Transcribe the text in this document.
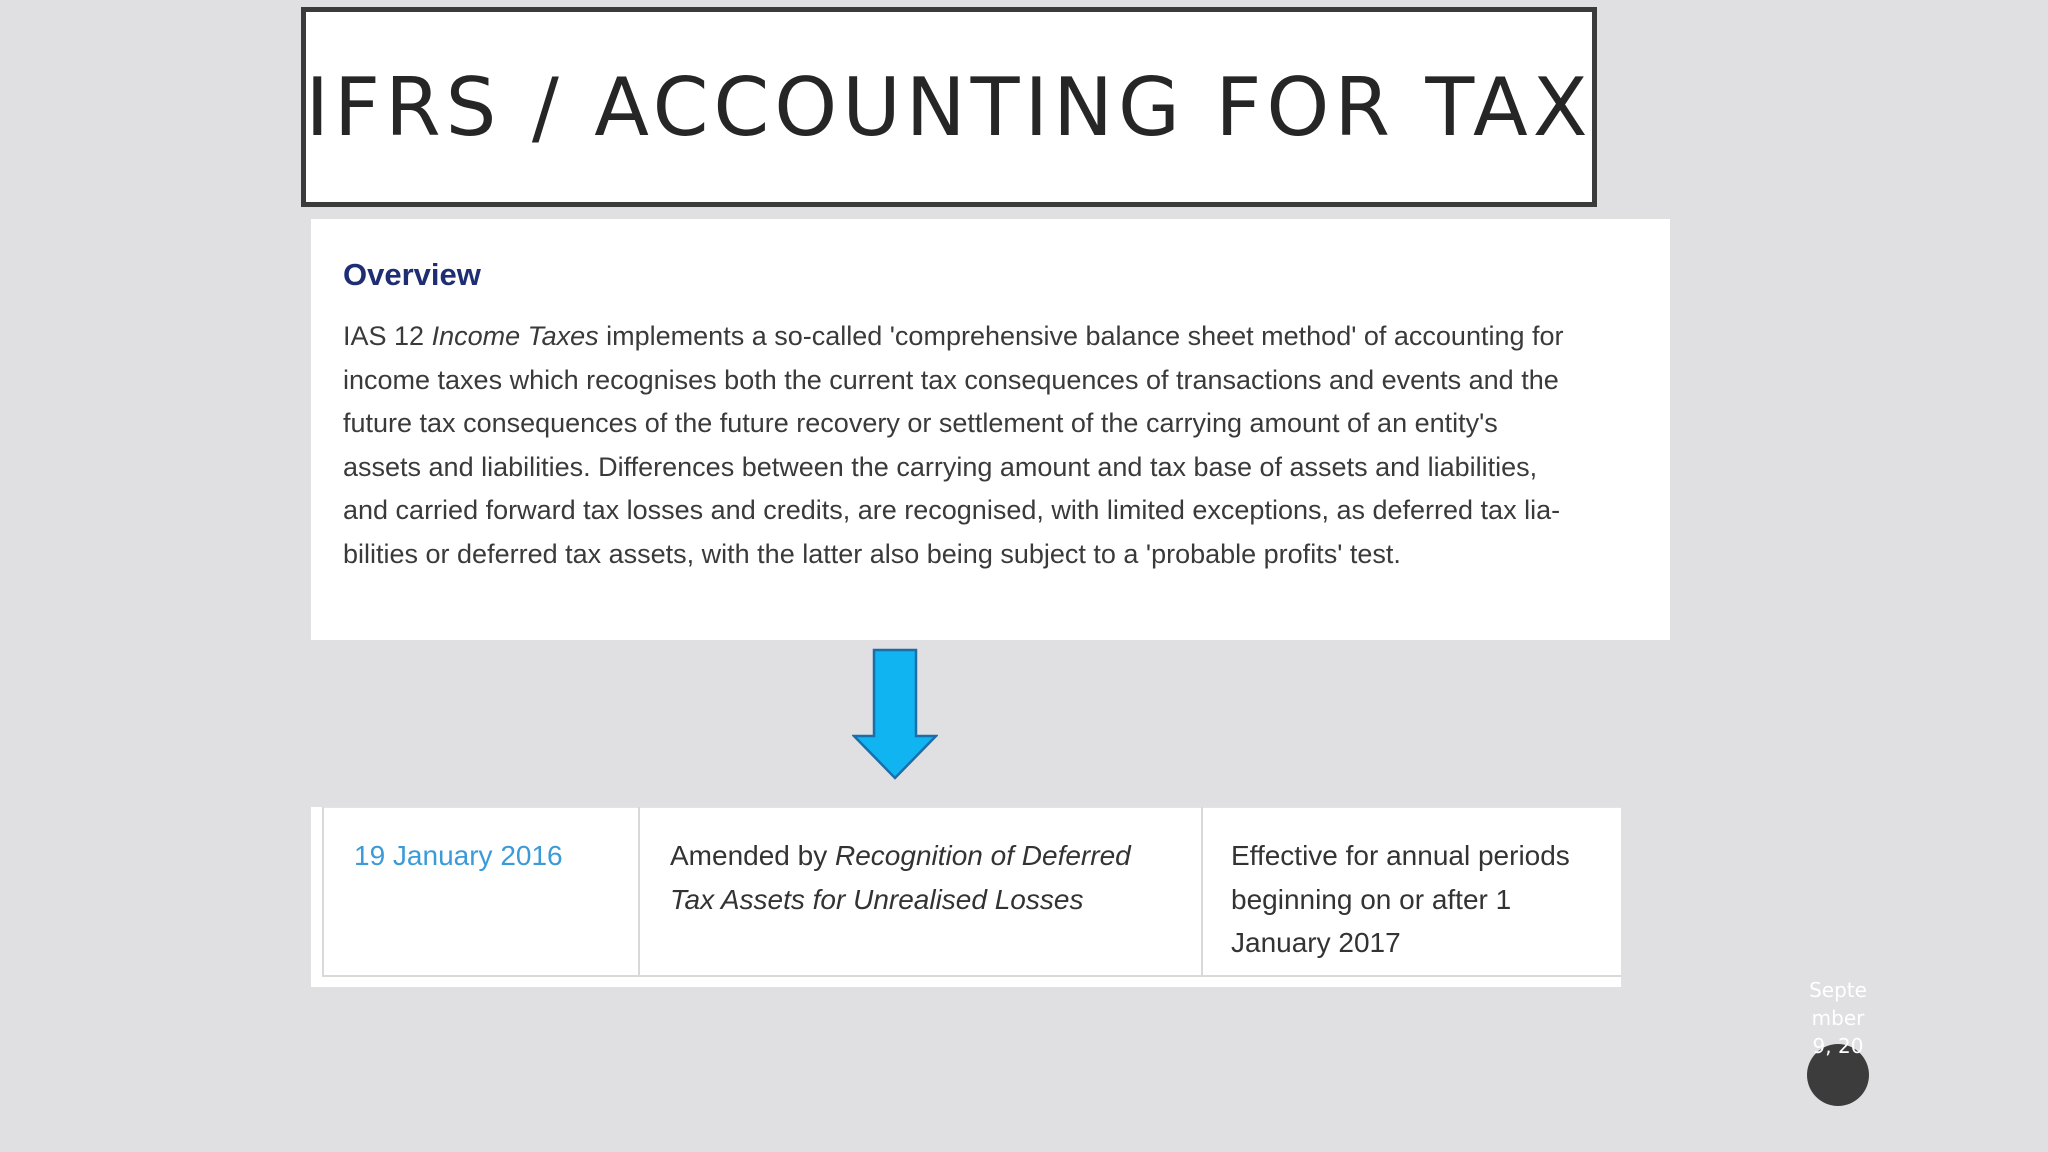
IFRS / ACCOUNTING FOR TAX
Overview

IAS 12 Income Taxes implements a so-called 'comprehensive balance sheet method' of accounting for
income taxes which recognises both the current tax consequences of transactions and events and the
future tax consequences of the future recovery or settlement of the carrying amount of an entity's
assets and liabilities. Differences between the carrying amount and tax base of assets and liabilities,
and carried forward tax losses and credits, are recognised, with limited exceptions, as deferred tax lia-
bilities or deferred tax assets, with the latter also being subject to a 'probable profits' test.

19 January 2016	Amended by Recognition of Deferred
Tax Assets for Unrealised Losses	Effective for annual periods
beginning on or after 1
January 2017

September 9, 20
